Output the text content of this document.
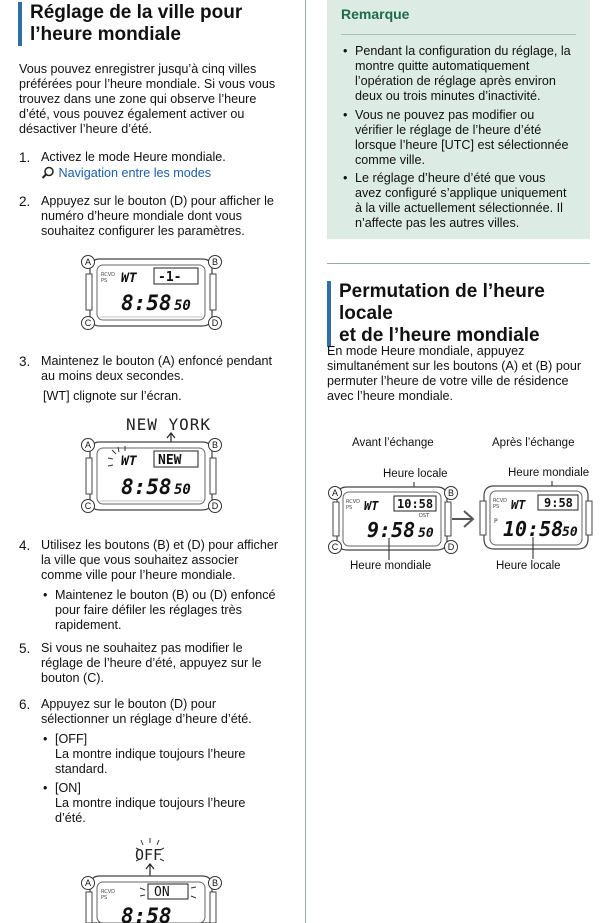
Réglage de la ville pour
l’heure mondiale
Vous pouvez enregistrer jusqu’à cinq villes
préférées pour l’heure mondiale. Si vous vous
trouvez dans une zone qui observe l’heure
d’été, vous pouvez également activer ou
désactiver l’heure d’été.
1. Activez le mode Heure mondiale.
Navigation entre les modes
2. Appuyez sur le bouton (D) pour afficher le
numéro d’heure mondiale dont vous
souhaitez configurer les paramètres.
RCVD
PS WT -1-
8:58 50
A	B
C	D
3. Maintenez le bouton (A) enfoncé pendant
au moins deux secondes.
[WT] clignote sur l’écran.
NEW YORK
WT NEW
8:58 50
A	B
C	D
4. Utilisez les boutons (B) et (D) pour afficher
la ville que vous souhaitez associer
comme ville pour l’heure mondiale.
• Maintenez le bouton (B) ou (D) enfoncé
pour faire défiler les réglages très
rapidement.
5. Si vous ne souhaitez pas modifier le
réglage de l’heure d’été, appuyez sur le
bouton (C).
6. Appuyez sur le bouton (D) pour
sélectionner un réglage d’heure d’été.
• [OFF]
La montre indique toujours l’heure
standard.
• [ON]
La montre indique toujours l’heure
d’été.
OFF
RCVD
PS	ON
8:58
A	B
Remarque
• Pendant la configuration du réglage, la
montre quitte automatiquement
l’opération de réglage après environ
deux ou trois minutes d’inactivité.
• Vous ne pouvez pas modifier ou
vérifier le réglage de l’heure d’été
lorsque l’heure [UTC] est sélectionnée
comme ville.
• Le réglage d’heure d’été que vous
avez configuré s’applique uniquement
à la ville actuellement sélectionnée. Il
n’affecte pas les autres villes.
Permutation de l’heure locale
et de l’heure mondiale
En mode Heure mondiale, appuyez
simultanément sur les boutons (A) et (B) pour
permuter l’heure de votre ville de résidence
avec l’heure mondiale.
Avant l’échange	Après l’échange
Heure locale
RCVD
PS WT 10:58
DST
9:58 50
A	B
C	D
Heure mondiale
Heure mondiale
RCVD
PS WT 9:58
P 10:58
50
Heure locale
